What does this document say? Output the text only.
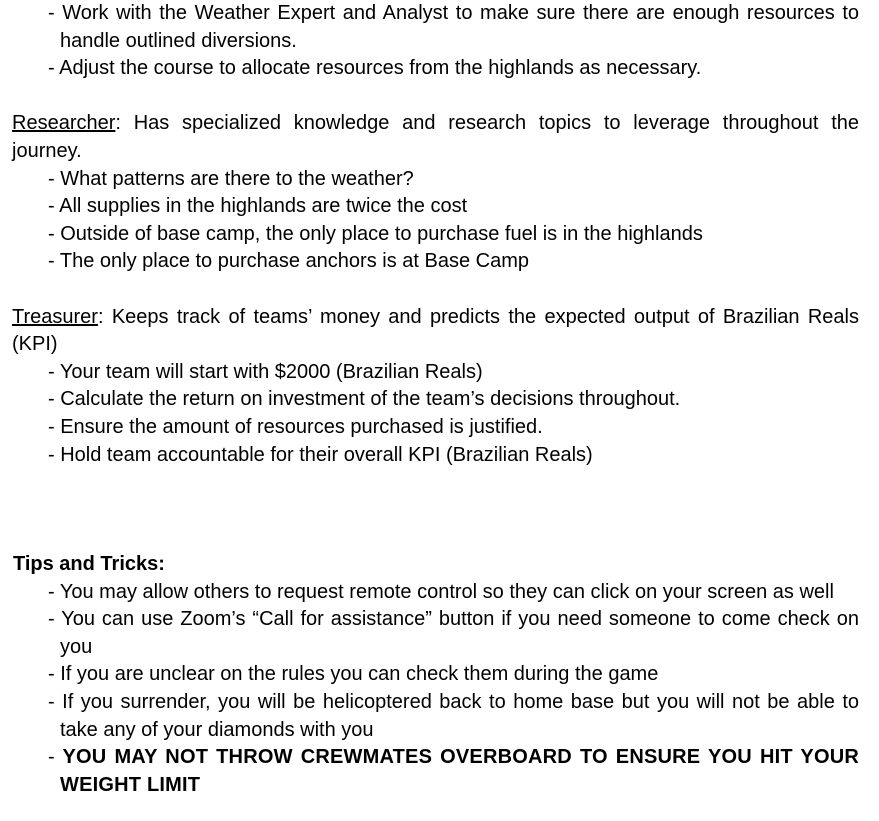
- Work with the Weather Expert and Analyst to make sure there are enough resources to handle outlined diversions.

- Adjust the course to allocate resources from the highlands as necessary.

Researcher: Has specialized knowledge and research topics to leverage throughout the journey.

- What patterns are there to the weather?

- All supplies in the highlands are twice the cost

- Outside of base camp, the only place to purchase fuel is in the highlands

- The only place to purchase anchors is at Base Camp

Treasurer: Keeps track of teams’ money and predicts the expected output of Brazilian Reals (KPI)

- Your team will start with $2000 (Brazilian Reals)

- Calculate the return on investment of the team’s decisions throughout.

- Ensure the amount of resources purchased is justified.

- Hold team accountable for their overall KPI (Brazilian Reals)

Tips and Tricks:

- You may allow others to request remote control so they can click on your screen as well

- You can use Zoom’s “Call for assistance” button if you need someone to come check on you

- If you are unclear on the rules you can check them during the game

- If you surrender, you will be helicoptered back to home base but you will not be able to take any of your diamonds with you

- YOU MAY NOT THROW CREWMATES OVERBOARD TO ENSURE YOU HIT YOUR WEIGHT LIMIT
